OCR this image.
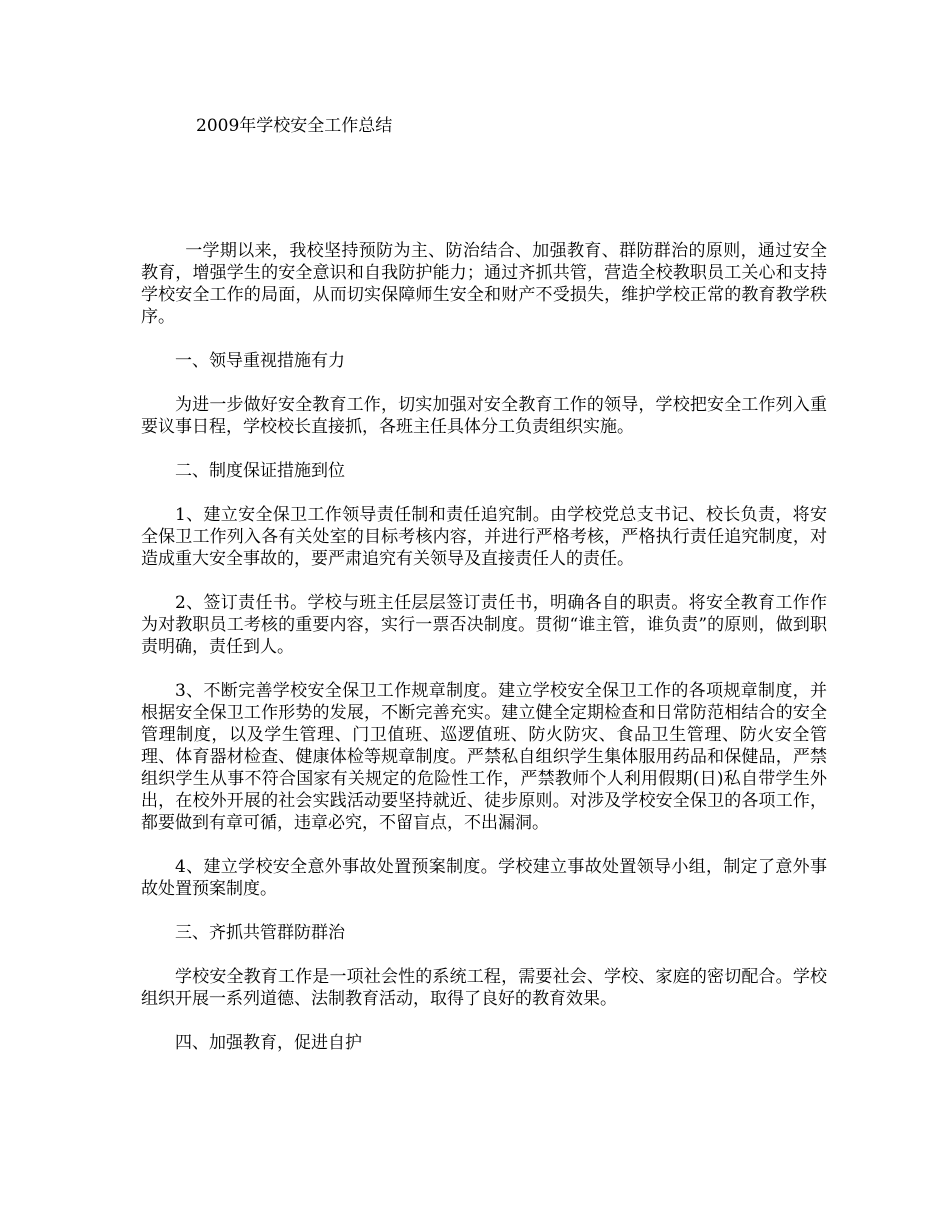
2009年学校安全工作总结

一学期以来，我校坚持预防为主、防治结合、加强教育、群防群治的原则，通过安全教育，增强学生的安全意识和自我防护能力；通过齐抓共管，营造全校教职员工关心和支持学校安全工作的局面，从而切实保障师生安全和财产不受损失，维护学校正常的教育教学秩序。

一、领导重视措施有力

为进一步做好安全教育工作，切实加强对安全教育工作的领导，学校把安全工作列入重要议事日程，学校校长直接抓，各班主任具体分工负责组织实施。

二、制度保证措施到位

1、建立安全保卫工作领导责任制和责任追究制。由学校党总支书记、校长负责，将安全保卫工作列入各有关处室的目标考核内容，并进行严格考核，严格执行责任追究制度，对造成重大安全事故的，要严肃追究有关领导及直接责任人的责任。

2、签订责任书。学校与班主任层层签订责任书，明确各自的职责。将安全教育工作作为对教职员工考核的重要内容，实行一票否决制度。贯彻“谁主管，谁负责”的原则，做到职责明确，责任到人。

3、不断完善学校安全保卫工作规章制度。建立学校安全保卫工作的各项规章制度，并根据安全保卫工作形势的发展，不断完善充实。建立健全定期检查和日常防范相结合的安全管理制度，以及学生管理、门卫值班、巡逻值班、防火防灾、食品卫生管理、防火安全管理、体育器材检查、健康体检等规章制度。严禁私自组织学生集体服用药品和保健品，严禁组织学生从事不符合国家有关规定的危险性工作，严禁教师个人利用假期(日)私自带学生外出，在校外开展的社会实践活动要坚持就近、徒步原则。对涉及学校安全保卫的各项工作，都要做到有章可循，违章必究，不留盲点，不出漏洞。

4、建立学校安全意外事故处置预案制度。学校建立事故处置领导小组，制定了意外事故处置预案制度。

三、齐抓共管群防群治

学校安全教育工作是一项社会性的系统工程，需要社会、学校、家庭的密切配合。学校组织开展一系列道德、法制教育活动，取得了良好的教育效果。

四、加强教育，促进自护
